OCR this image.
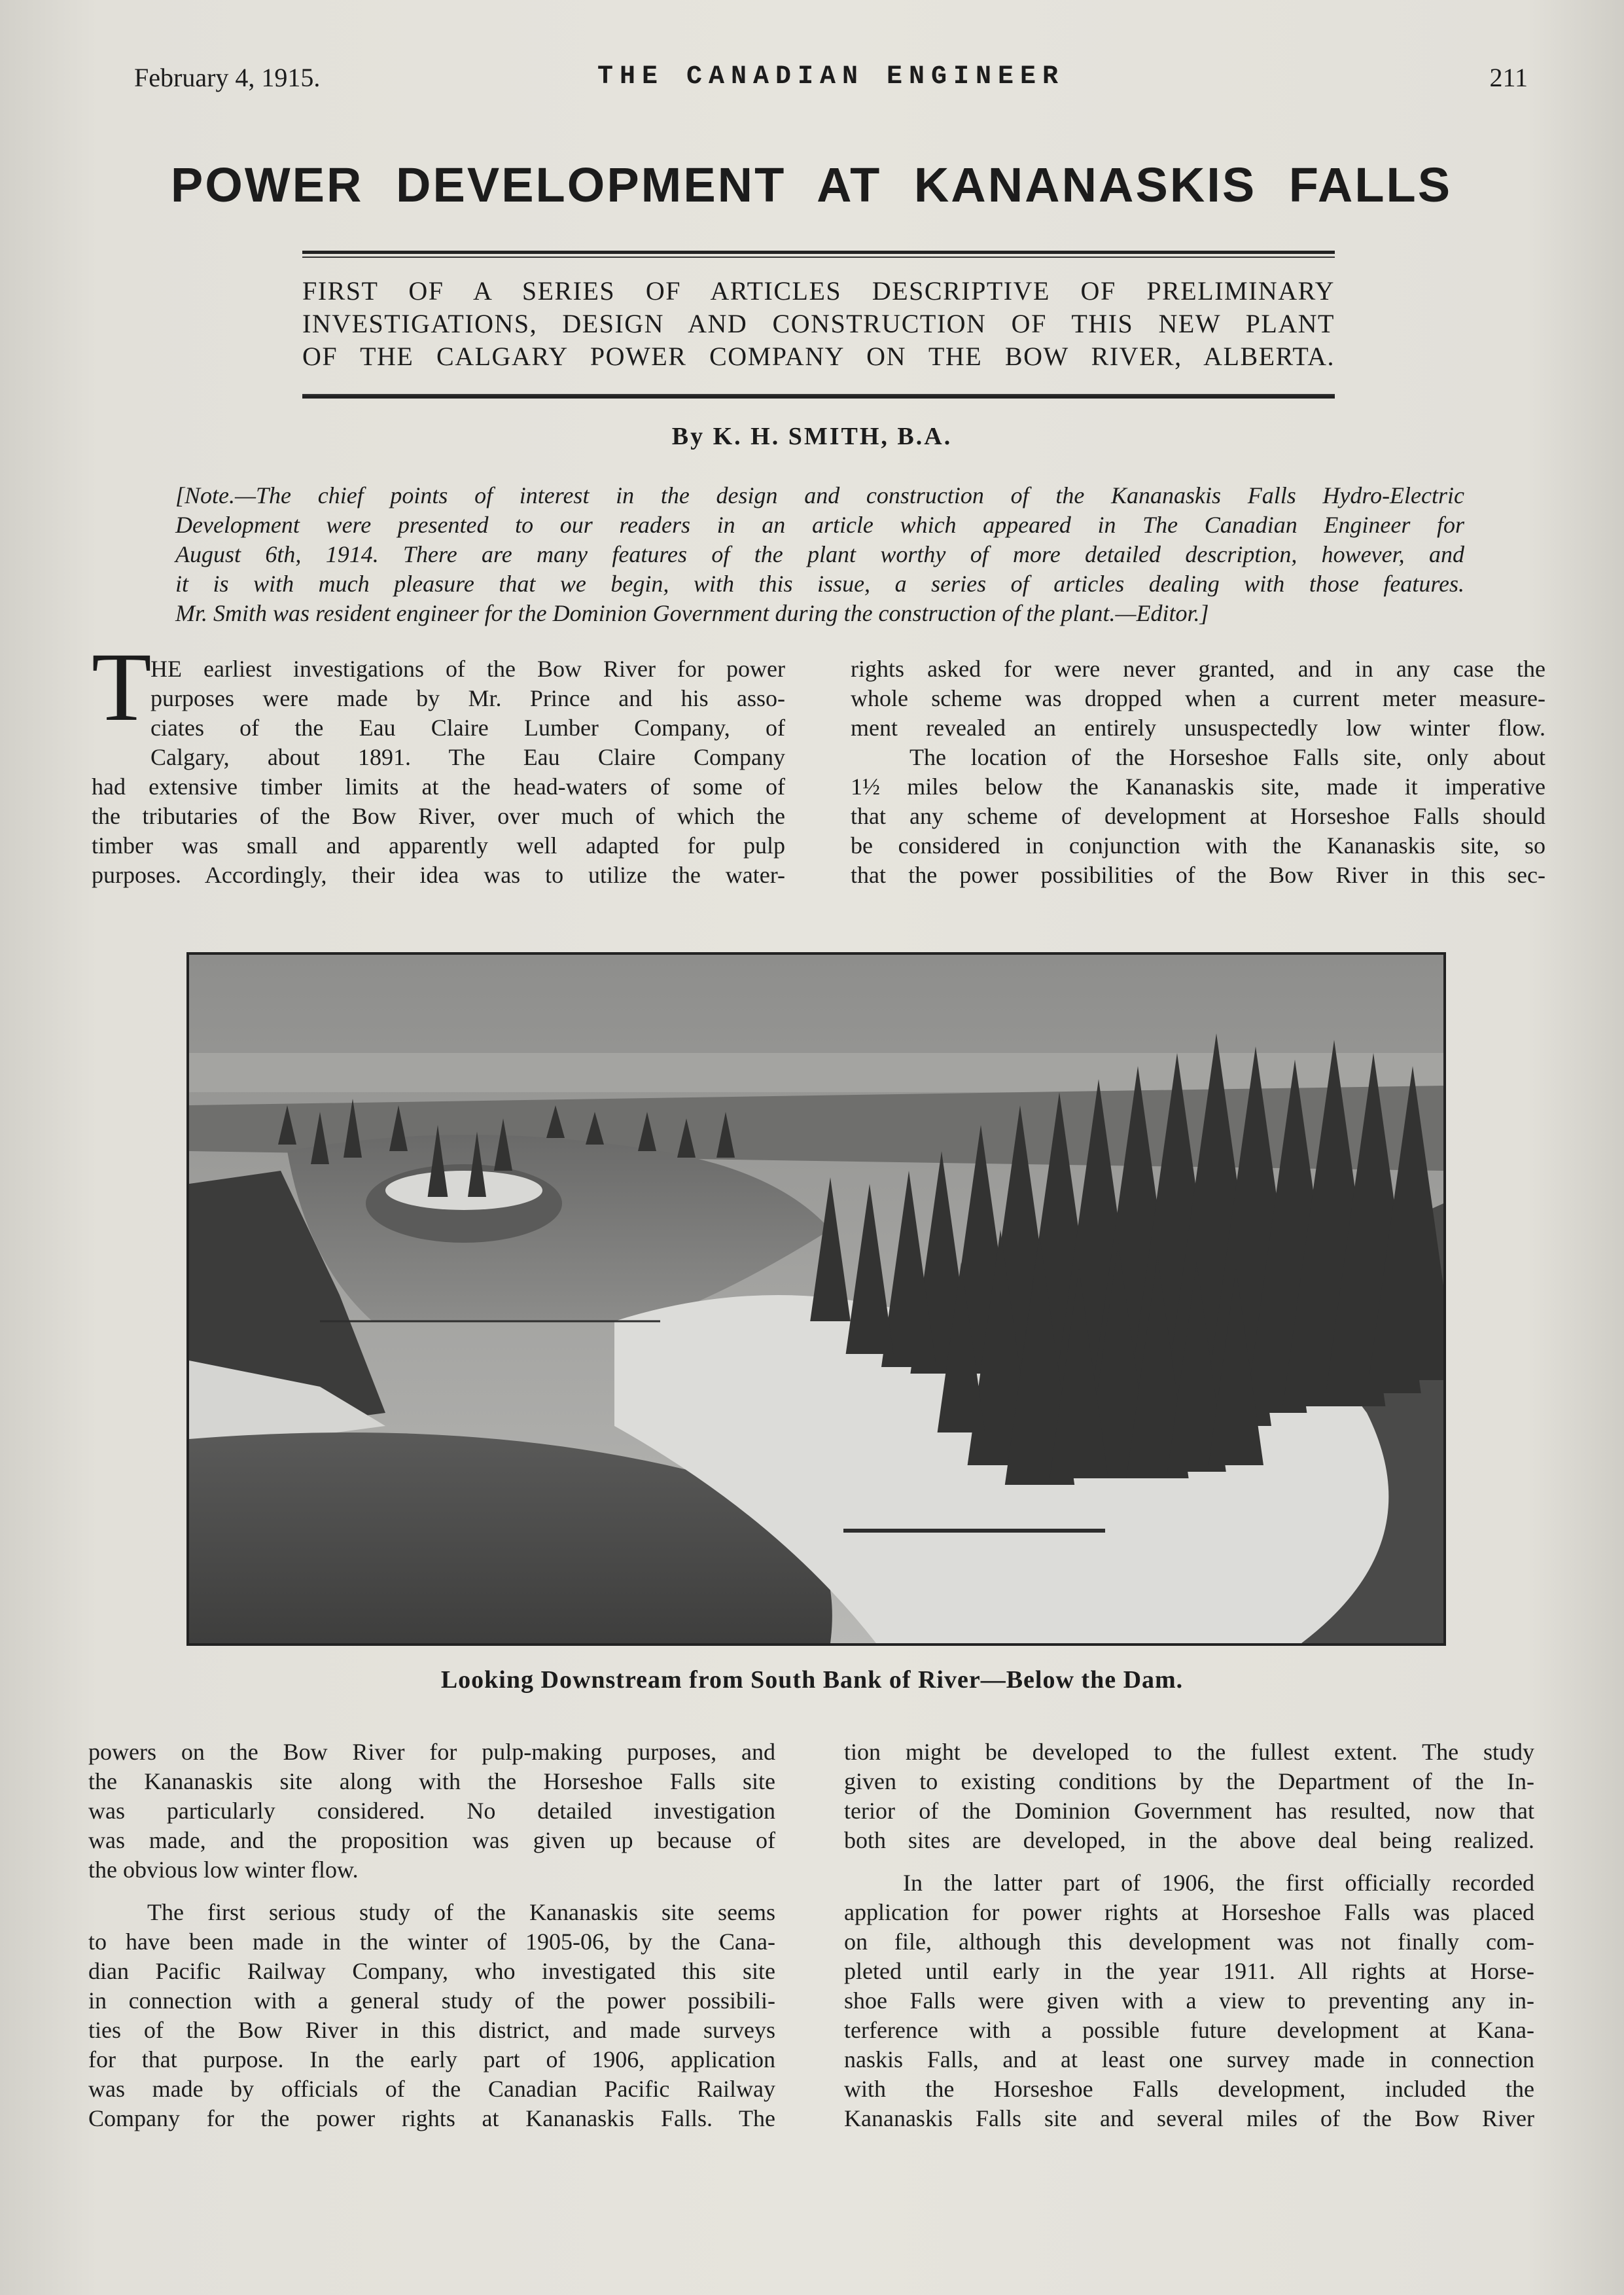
February 4, 1915.	THE CANADIAN ENGINEER	211
POWER DEVELOPMENT AT KANANASKIS FALLS
FIRST OF A SERIES OF ARTICLES DESCRIPTIVE OF PRELIMINARY
INVESTIGATIONS, DESIGN AND CONSTRUCTION OF THIS NEW PLANT
OF THE CALGARY POWER COMPANY ON THE BOW RIVER, ALBERTA.
By K. H. SMITH, B.A.
[Note.—The chief points of interest in the design and construction of the Kananaskis Falls Hydro-Electric
Development were presented to our readers in an article which appeared in The Canadian Engineer for
August 6th, 1914. There are many features of the plant worthy of more detailed description, however, and
it is with much pleasure that we begin, with this issue, a series of articles dealing with those features.
Mr. Smith was resident engineer for the Dominion Government during the construction of the plant.—Editor.]
T
HE earliest investigations of the Bow River for power
purposes were made by Mr. Prince and his asso-
ciates of the Eau Claire Lumber Company, of
Calgary, about 1891. The Eau Claire Company
had extensive timber limits at the head-waters of some of
the tributaries of the Bow River, over much of which the
timber was small and apparently well adapted for pulp
purposes. Accordingly, their idea was to utilize the water-
rights asked for were never granted, and in any case the
whole scheme was dropped when a current meter measure-
ment revealed an entirely unsuspectedly low winter flow.
The location of the Horseshoe Falls site, only about
1½ miles below the Kananaskis site, made it imperative
that any scheme of development at Horseshoe Falls should
be considered in conjunction with the Kananaskis site, so
that the power possibilities of the Bow River in this sec-
Looking Downstream from South Bank of River—Below the Dam.

powers on the Bow River for pulp-making purposes, and
the Kananaskis site along with the Horseshoe Falls site
was particularly considered. No detailed investigation
was made, and the proposition was given up because of
the obvious low winter flow.

The first serious study of the Kananaskis site seems
to have been made in the winter of 1905-06, by the Cana-
dian Pacific Railway Company, who investigated this site
in connection with a general study of the power possibili-
ties of the Bow River in this district, and made surveys
for that purpose. In the early part of 1906, application
was made by officials of the Canadian Pacific Railway
Company for the power rights at Kananaskis Falls. The

tion might be developed to the fullest extent. The study
given to existing conditions by the Department of the In-
terior of the Dominion Government has resulted, now that
both sites are developed, in the above deal being realized.

In the latter part of 1906, the first officially recorded
application for power rights at Horseshoe Falls was placed
on file, although this development was not finally com-
pleted until early in the year 1911. All rights at Horse-
shoe Falls were given with a view to preventing any in-
terference with a possible future development at Kana-
naskis Falls, and at least one survey made in connection
with the Horseshoe Falls development, included the
Kananaskis Falls site and several miles of the Bow River
